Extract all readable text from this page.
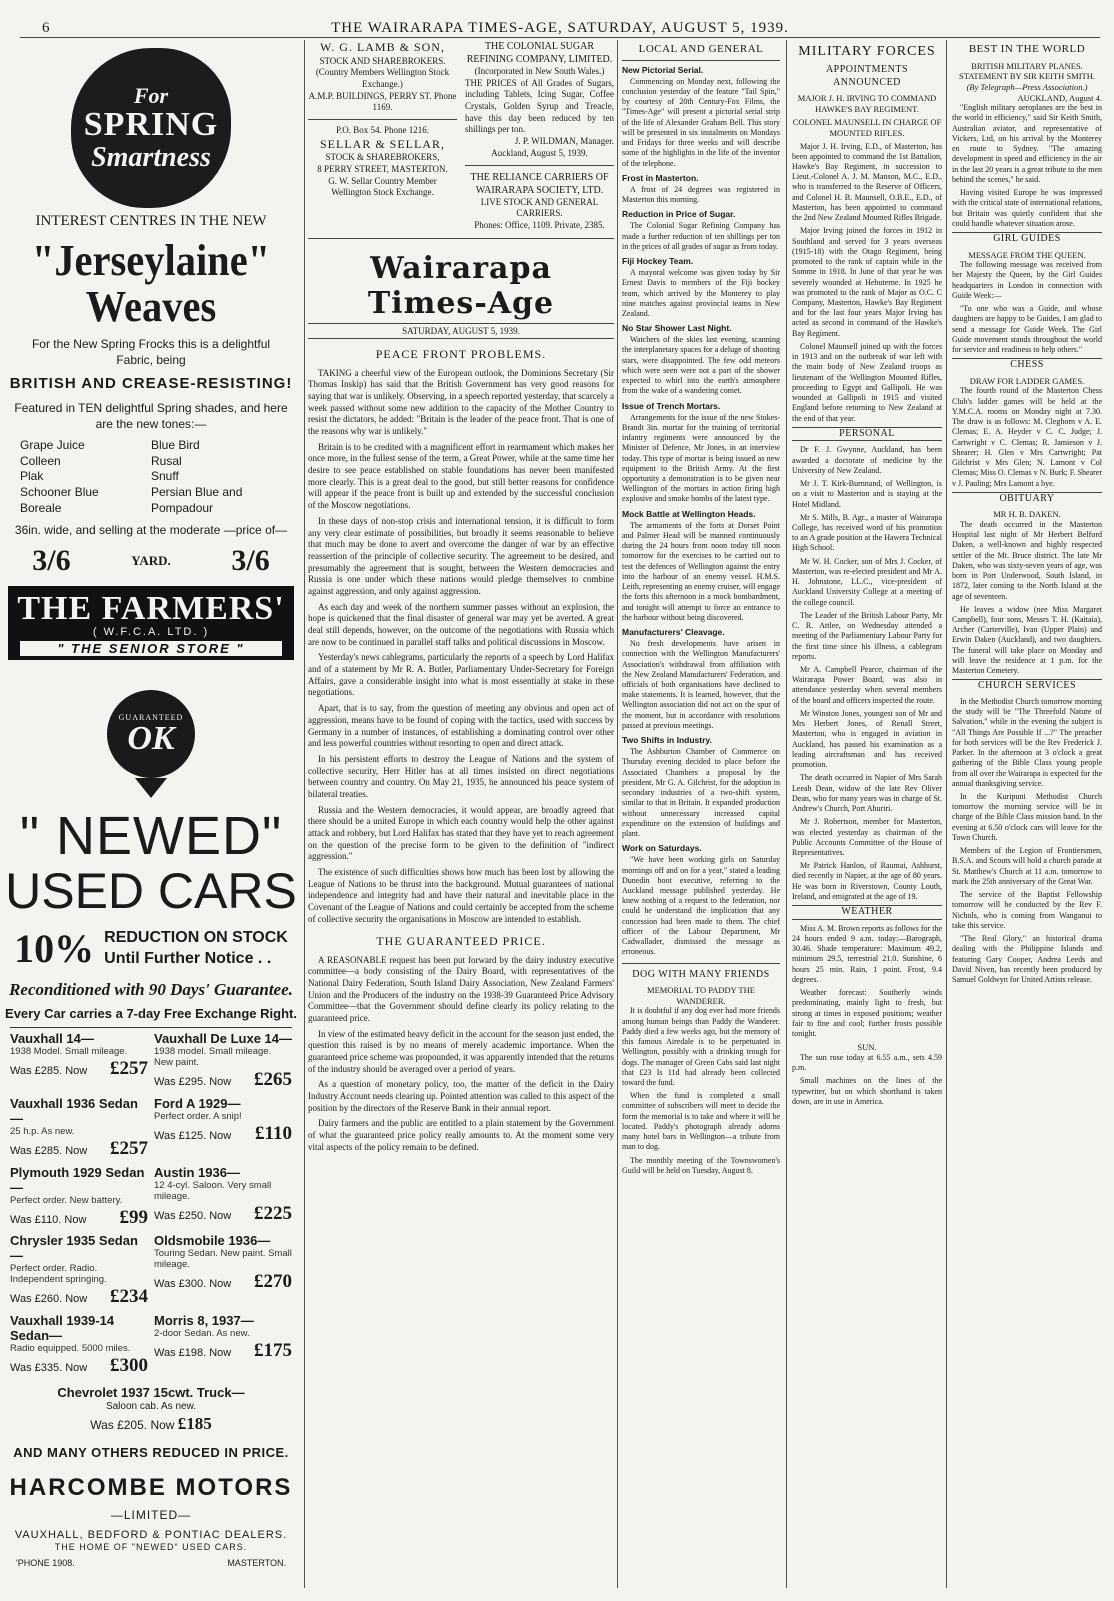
6	THE WAIRARAPA TIMES-AGE, SATURDAY, AUGUST 5, 1939.
For
SPRING
Smartness
INTEREST CENTRES IN THE NEW
"Jerseylaine" Weaves
For the New Spring Frocks this is a delightful Fabric, being
BRITISH AND CREASE-RESISTING!
Featured in TEN delightful Spring shades, and here are the new tones:—
Grape Juice	Blue Bird
Colleen	Rusal
Plak	Snuff
Schooner Blue	Persian Blue and
Boreale	Pompadour
36in. wide, and selling at the moderate —price of—
3/6	YARD. 3/6
THE FARMERS'
( W.F.C.A. LTD. )
" THE SENIOR STORE "
GUARANTEED
OK
" NEWED"
USED CARS
10% REDUCTION ON STOCK
Until Further Notice . .
Reconditioned with 90 Days' Guarantee.
Every Car carries a 7-day Free Exchange Right.
Vauxhall 14—
1938 Model. Small mileage.
Was £285. Now £257
Vauxhall De Luxe 14—
1938 model. Small mileage. New paint.
Was £295. Now £265
Vauxhall 1936 Sedan—
25 h.p. As new.
Was £285. Now £257
Ford A 1929—
Perfect order. A snip!
Was £125. Now £110
Plymouth 1929 Sedan—
Perfect order. New battery.
Was £110. Now £99
Austin 1936—
12 4-cyl. Saloon. Very small mileage.
Was £250. Now £225
Chrysler 1935 Sedan—
Perfect order. Radio. Independent springing.
Was £260. Now £234
Oldsmobile 1936—
Touring Sedan. New paint. Small mileage.
Was £300. Now £270
Vauxhall 1939-14 Sedan—
Radio equipped. 5000 miles.
Was £335. Now £300
Morris 8, 1937—
2-door Sedan. As new.
Was £198. Now £175
Chevrolet 1937 15cwt. Truck—
Saloon cab. As new.
Was £205. Now £185
AND MANY OTHERS REDUCED IN PRICE.
HARCOMBE MOTORS
—LIMITED—
VAUXHALL, BEDFORD & PONTIAC DEALERS.
THE HOME OF "NEWED" USED CARS.
'PHONE 1908.	MASTERTON.
W. G. LAMB & SON,
STOCK AND SHAREBROKERS.
(Country Members Wellington Stock Exchange.)
A.M.P. BUILDINGS, PERRY ST. Phone 1169.
P.O. Box 54. Phone 1216.
SELLAR & SELLAR,
STOCK & SHAREBROKERS,
8 PERRY STREET, MASTERTON.
G. W. Sellar Country Member Wellington Stock Exchange.
THE COLONIAL SUGAR REFINING COMPANY, LIMITED.
(Incorporated in New South Wales.)
THE PRICES of All Grades of Sugars, including Tablets, Icing Sugar, Coffee Crystals, Golden Syrup and Treacle, have this day been reduced by ten shillings per ton.
J. P. WILDMAN, Manager.
Auckland, August 5, 1939.
THE RELIANCE CARRIERS OF WAIRARAPA SOCIETY, LTD.
LIVE STOCK AND GENERAL CARRIERS.
Phones: Office, 1109. Private, 2385.
Wairarapa Times-Age
SATURDAY, AUGUST 5, 1939.
PEACE FRONT PROBLEMS.
TAKING a cheerful view of the European outlook, the Dominions Secretary (Sir Thomas Inskip) has said that the British Government has very good reasons for saying that war is unlikely. Observing, in a speech reported yesterday, that scarcely a week passed without some new addition to the capacity of the Mother Country to resist the dictators, he added: "Britain is the leader of the peace front. That is one of the reasons why war is unlikely."
Britain is to be credited with a magnificent effort in rearmament which makes her once more, in the fullest sense of the term, a Great Power, while at the same time her desire to see peace established on stable foundations has never been manifested more clearly. This is a great deal to the good, but still better reasons for confidence will appear if the peace front is built up and extended by the successful conclusion of the Moscow negotiations.
In these days of non-stop crisis and international tension, it is difficult to form any very clear estimate of possibilities, but broadly it seems reasonable to believe that much may be done to avert and overcome the danger of war by an effective reassertion of the principle of collective security. The agreement to be desired, and presumably the agreement that is sought, between the Western democracies and Russia is one under which these nations would pledge themselves to combine against aggression, and only against aggression.
As each day and week of the northern summer passes without an explosion, the hope is quickened that the final disaster of general war may yet be averted. A great deal still depends, however, on the outcome of the negotiations with Russia which are now to be continued in parallel staff talks and political discussions in Moscow.
Yesterday's news cablegrams, particularly the reports of a speech by Lord Halifax and of a statement by Mr R. A. Butler, Parliamentary Under-Secretary for Foreign Affairs, gave a considerable insight into what is most essentially at stake in these negotiations.
Apart, that is to say, from the question of meeting any obvious and open act of aggression, means have to be found of coping with the tactics, used with success by Germany in a number of instances, of establishing a dominating control over other and less powerful countries without resorting to open and direct attack.
In his persistent efforts to destroy the League of Nations and the system of collective security, Herr Hitler has at all times insisted on direct negotiations between country and country. On May 21, 1935, he announced his peace system of bilateral treaties.
Russia and the Western democracies, it would appear, are broadly agreed that there should be a united Europe in which each country would help the other against attack and robbery, but Lord Halifax has stated that they have yet to reach agreement on the question of the precise form to be given to the definition of "indirect aggression."
The existence of such difficulties shows how much has been lost by allowing the League of Nations to be thrust into the background. Mutual guarantees of national independence and integrity had and have their natural and inevitable place in the Covenant of the League of Nations and could certainly be accepted from the scheme of collective security the organisations in Moscow are intended to establish.
THE GUARANTEED PRICE.
A REASONABLE request has been put forward by the dairy industry executive committee—a body consisting of the Dairy Board, with representatives of the National Dairy Federation, South Island Dairy Association, New Zealand Farmers' Union and the Producers of the industry on the 1938-39 Guaranteed Price Advisory Committee—that the Government should define clearly its policy relating to the guaranteed price.
In view of the estimated heavy deficit in the account for the season just ended, the question this raised is by no means of merely academic importance. When the guaranteed price scheme was propounded, it was apparently intended that the returns of the industry should be averaged over a period of years.
As a question of monetary policy, too, the matter of the deficit in the Dairy Industry Account needs clearing up. Pointed attention was called to this aspect of the position by the directors of the Reserve Bank in their annual report.
Dairy farmers and the public are entitled to a plain statement by the Government of what the guaranteed price policy really amounts to. At the moment some very vital aspects of the policy remain to be defined.
LOCAL AND GENERAL
New Pictorial Serial.
Commencing on Monday next, following the conclusion yesterday of the feature "Tail Spin," by courtesy of 20th Century-Fox Films, the "Times-Age" will present a pictorial serial strip of the life of Alexander Graham Bell. This story will be presented in six instalments on Mondays and Fridays for three weeks and will describe some of the highlights in the life of the inventor of the telephone.
Frost in Masterton.
A frost of 24 degrees was registered in Masterton this morning.
Reduction in Price of Sugar.
The Colonial Sugar Refining Company has made a further reduction of ten shillings per ton in the prices of all grades of sugar as from today.
Fiji Hockey Team.
A mayoral welcome was given today by Sir Ernest Davis to members of the Fiji hockey team, which arrived by the Monterey to play nine matches against provincial teams in New Zealand.
No Star Shower Last Night.
Watchers of the skies last evening, scanning the interplanetary spaces for a deluge of shooting stars, were disappointed. The few odd meteors which were seen were not a part of the shower expected to whirl into the earth's atmosphere from the wake of a wandering comet.
Issue of Trench Mortars.
Arrangements for the issue of the new Stokes-Brandt 3in. mortar for the training of territorial infantry regiments were announced by the Minister of Defence, Mr Jones, in an interview today. This type of mortar is being issued as new equipment to the British Army. At the first opportunity a demonstration is to be given near Wellington of the mortars in action firing high explosive and smoke bombs of the latest type.
Mock Battle at Wellington Heads.
The armaments of the forts at Dorset Point and Palmer Head will be manned continuously during the 24 hours from noon today till noon tomorrow for the exercises to be carried out to test the defences of Wellington against the entry into the harbour of an enemy vessel. H.M.S. Leith, representing an enemy cruiser, will engage the forts this afternoon in a mock bombardment, and tonight will attempt to force an entrance to the harbour without being discovered.
Manufacturers' Cleavage.
No fresh developments have arisen in connection with the Wellington Manufacturers' Association's withdrawal from affiliation with the New Zealand Manufacturers' Federation, and officials of both organisations have declined to make statements. It is learned, however, that the Wellington association did not act on the spur of the moment, but in accordance with resolutions passed at previous meetings.
Two Shifts in Industry.
The Ashburton Chamber of Commerce on Thursday evening decided to place before the Associated Chambers a proposal by the president, Mr G. A. Gilchrist, for the adoption in secondary industries of a two-shift system, similar to that in Britain. It expanded production without unnecessary increased capital expenditure on the extension of buildings and plant.
Work on Saturdays.
"We have been working girls on Saturday mornings off and on for a year," stated a leading Dunedin boot executive, referring to the Auckland message published yesterday. He knew nothing of a request to the federation, nor could he understand the implication that any concession had been made to them. The chief officer of the Labour Department, Mr Cadwallader, dismissed the message as erroneous.
DOG WITH MANY FRIENDS
MEMORIAL TO PADDY THE WANDERER.
It is doubtful if any dog ever had more friends among human beings than Paddy the Wanderer. Paddy died a few weeks ago, but the memory of this famous Airedale is to be perpetuated in Wellington, possibly with a drinking trough for dogs. The manager of Green Cabs said last night that £23 Is 11d had already been collected toward the fund.
When the fund is completed a small committee of subscribers will meet to decide the form the memorial is to take and where it will be located. Paddy's photograph already adorns many hotel bars in Wellington—a tribute from man to dog.
The monthly meeting of the Townswomen's Guild will be held on Tuesday, August 8.
MILITARY FORCES
APPOINTMENTS ANNOUNCED
MAJOR J. H. IRVING TO COMMAND HAWKE'S BAY REGIMENT.
COLONEL MAUNSELL IN CHARGE OF MOUNTED RIFLES.
Major J. H. Irving, E.D., of Masterton, has been appointed to command the 1st Battalion, Hawke's Bay Regiment, in succession to Lieut.-Colonel A. J. M. Manson, M.C., E.D., who is transferred to the Reserve of Officers, and Colonel H. B. Maunsell, O.B.E., E.D., of Masterton, has been appointed to command the 2nd New Zealand Mounted Rifles Brigade.
Major Irving joined the forces in 1912 in Southland and served for 3 years overseas (1915-18) with the Otago Regiment, being promoted to the rank of captain while in the Somme in 1918. In June of that year he was severely wounded at Hebuterne. In 1925 he was promoted to the rank of Major as O.C. C Company, Masterton, Hawke's Bay Regiment and for the last four years Major Irving has acted as second in command of the Hawke's Bay Regiment.
Colonel Maunsell joined up with the forces in 1913 and on the outbreak of war left with the main body of New Zealand troops as lieutenant of the Wellington Mounted Rifles, proceeding to Egypt and Gallipoli. He was wounded at Gallipoli in 1915 and visited England before returning to New Zealand at the end of that year.
PERSONAL
Dr F. J. Gwynne, Auckland, has been awarded a doctorate of medicine by the University of New Zealand.
Mr J. T. Kirk-Burnnand, of Wellington, is on a visit to Masterton and is staying at the Hotel Midland.
Mr S. Mills, B. Agr., a master of Wairarapa College, has received word of his promotion to an A grade position at the Hawera Technical High School.
Mr W. H. Cocker, son of Mrs J. Cocker, of Masterton, was re-elected president and Mr A. H. Johnstone, LL.C., vice-president of Auckland University College at a meeting of the college council.
The Leader of the British Labour Party, Mr C. R. Attlee, on Wednesday attended a meeting of the Parliamentary Labour Party for the first time since his illness, a cablegram reports.
Mr A. Campbell Pearce, chairman of the Wairarapa Power Board, was also in attendance yesterday when several members of the board and officers inspected the route.
Mr Winston Jones, youngest son of Mr and Mrs Herbert Jones, of Renall Street, Masterton, who is engaged in aviation in Auckland, has passed his examination as a leading aircraftsman and has received promotion.
The death occurred in Napier of Mrs Sarah Leeah Dean, widow of the late Rev Oliver Dean, who for many years was in charge of St. Andrew's Church, Port Ahuriri.
Mr J. Robertson, member for Masterton, was elected yesterday as chairman of the Public Accounts Committee of the House of Representatives.
Mr Patrick Hanlon, of Raumai, Ashhurst, died recently in Napier, at the age of 80 years. He was born in Riverstown, County Louth, Ireland, and emigrated at the age of 19.
WEATHER
Miss A. M. Brown reports as follows for the 24 hours ended 9 a.m. today:—Barograph, 30.46. Shade temperature: Maximum 49.2, minimum 29.5, terrestrial 21.0. Sunshine, 6 hours 25 min. Rain, 1 point. Frost, 9.4 degrees.
Weather forecast: Southerly winds predominating, mainly light to fresh, but strong at times in exposed positions; weather fair to fine and cool; further frosts possible tonight.
SUN.
The sun rose today at 6.55 a.m., sets 4.59 p.m.
Small machines on the lines of the typewriter, but on which shorthand is taken down, are in use in America.
BEST IN THE WORLD
BRITISH MILITARY PLANES.
STATEMENT BY SIR KEITH SMITH.
(By Telegraph—Press Association.)
AUCKLAND, August 4.
"English military aeroplanes are the best in the world in efficiency," said Sir Keith Smith, Australian aviator, and representative of Vickers, Ltd, on his arrival by the Monterey en route to Sydney. "The amazing development in speed and efficiency in the air in the last 20 years is a great tribute to the men behind the scenes," he said.
Having visited Europe he was impressed with the critical state of international relations, but Britain was quietly confident that she could handle whatever situation arose.
GIRL GUIDES
MESSAGE FROM THE QUEEN.
The following message was received from her Majesty the Queen, by the Girl Guides headquarters in London in connection with Guide Week:—
"To one who was a Guide, and whose daughters are happy to be Guides, I am glad to send a message for Guide Week. The Girl Guide movement stands throughout the world for service and readiness to help others."
CHESS
DRAW FOR LADDER GAMES.
The fourth round of the Masterton Chess Club's ladder games will be held at the Y.M.C.A. rooms on Monday night at 7.30. The draw is as follows: M. Cleghorn v A. E. Clemas; E. A. Heyder v C. C. Judge; J. Cartwright v C. Clemas; R. Jamieson v J. Shearer; H. Glen v Mrs Cartwright; Pat Gilchrist v Mrs Glen; N. Lamont v Col Clemas; Miss O. Clemas v N. Burk; F. Shearer v J. Pauling; Mrs Lamont a bye.
OBITUARY
MR H. B. DAKEN.
The death occurred in the Masterton Hospital last night of Mr Herbert Belford Daken, a well-known and highly respected settler of the Mt. Bruce district. The late Mr Daken, who was sixty-seven years of age, was born in Port Underwood, South Island, in 1872, later coming to the North Island at the age of seventeen.
He leaves a widow (nee Miss Margaret Campbell), four sons, Messrs T. H. (Kaitaia), Archer (Carterville), Ivan (Upper Plain) and Erwin Daken (Auckland), and two daughters. The funeral will take place on Monday and will leave the residence at 1 p.m. for the Masterton Cemetery.
CHURCH SERVICES
In the Methodist Church tomorrow morning the study will be "The Threefold Nature of Salvation," while in the evening the subject is "All Things Are Possible If ...?" The preacher for both services will be the Rev Frederick J. Parker. In the afternoon at 3 o'clock a great gathering of the Bible Class young people from all over the Wairarapa is expected for the annual thanksgiving service.
In the Kuripuni Methodist Church tomorrow the morning service will be in charge of the Bible Class mission band. In the evening at 6.50 o'clock cars will leave for the Town Church.
Members of the Legion of Frontiersmen, B.S.A. and Scouts will hold a church parade at St. Matthew's Church at 11 a.m. tomorrow to mark the 25th anniversary of the Great War.
The service of the Baptist Fellowship tomorrow will be conducted by the Rev F. Nichols, who is coming from Wanganui to take this service.
"The Real Glory," an historical drama dealing with the Philippine Islands and featuring Gary Cooper, Andrea Leeds and David Niven, has recently been produced by Samuel Goldwyn for United Artists release.
